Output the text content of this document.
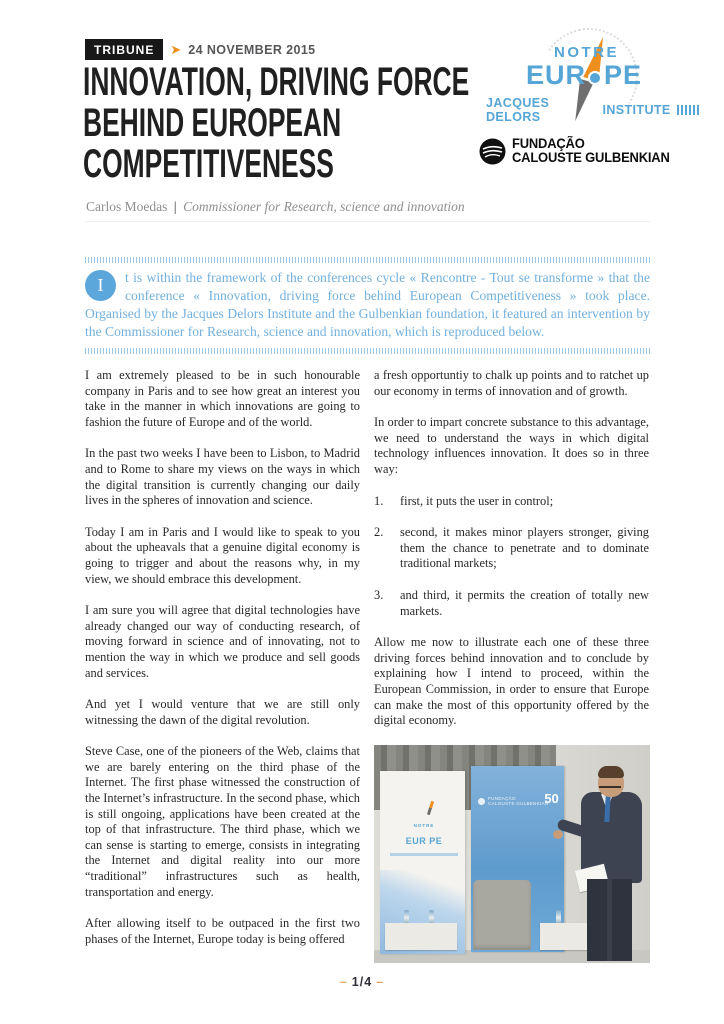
TRIBUNE	➤ 24 NOVEMBER 2015
INNOVATION, DRIVING FORCE
BEHIND EUROPEAN
COMPETITIVENESS
Carlos Moedas | Commissioner for Research, science and innovation
NOTRE
EUR PE
JACQUES DELORS	INSTITUTE
FUNDAÇÃO
CALOUSTE GULBENKIAN
I	t is within the framework of the conferences cycle « Rencontre - Tout se transforme » that the conference « Innovation, driving force behind European Competitiveness » took place. Organised by the Jacques Delors Institute and the Gulbenkian foundation, it featured an intervention by the Commissioner for Research, science and innovation, which is reproduced below.

I am extremely pleased to be in such honourable company in Paris and to see how great an interest you take in the manner in which innovations are going to fashion the future of Europe and of the world.

In the past two weeks I have been to Lisbon, to Madrid and to Rome to share my views on the ways in which the digital transition is currently changing our daily lives in the spheres of innovation and science.

Today I am in Paris and I would like to speak to you about the upheavals that a genuine digital economy is going to trigger and about the reasons why, in my view, we should embrace this development.

I am sure you will agree that digital technologies have already changed our way of conducting research, of moving forward in science and of innovating, not to mention the way in which we produce and sell goods and services.

And yet I would venture that we are still only witnessing the dawn of the digital revolution.

Steve Case, one of the pioneers of the Web, claims that we are barely entering on the third phase of the Internet. The first phase witnessed the construction of the Internet’s infrastructure. In the second phase, which is still ongoing, applications have been created at the top of that infrastructure. The third phase, which we can sense is starting to emerge, consists in integrating the Internet and digital reality into our more “traditional” infrastructures such as health, transportation and energy.

After allowing itself to be outpaced in the first two phases of the Internet, Europe today is being offered

a fresh opportuntiy to chalk up points and to ratchet up our economy in terms of innovation and of growth.

In order to impart concrete substance to this advantage, we need to understand the ways in which digital technology influences innovation. It does so in three way:

1.	first, it puts the user in control;
2.	second, it makes minor players stronger, giving them the chance to penetrate and to dominate traditional markets;
3.	and third, it permits the creation of totally new markets.

Allow me now to illustrate each one of these three driving forces behind innovation and to conclude by explaining how I intend to proceed, within the European Commission, in order to ensure that Europe can make the most of this opportunity offered by the digital economy.

NOTRE
EUR PE
FUNDAÇÃO
CALOUSTE GULBENKIAN
50
– 1/4 –
